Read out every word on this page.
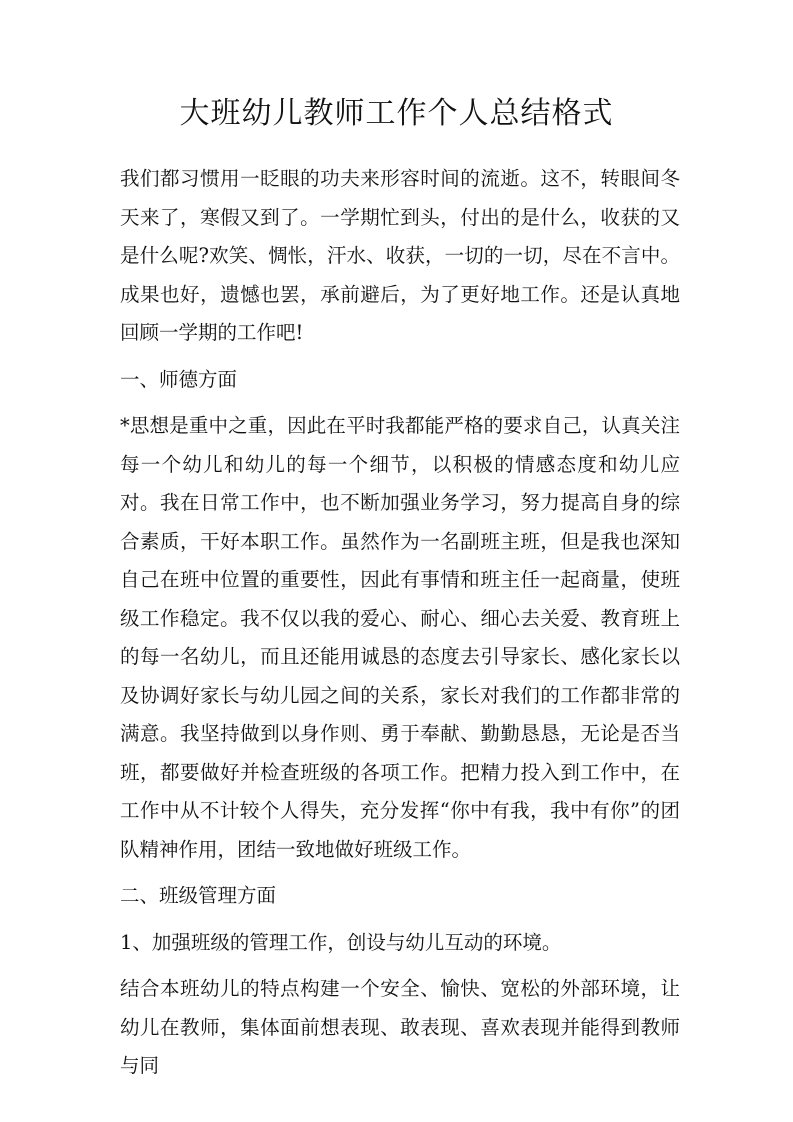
大班幼儿教师工作个人总结格式

我们都习惯用一眨眼的功夫来形容时间的流逝。这不，转眼间冬天来了，寒假又到了。一学期忙到头，付出的是什么，收获的又是什么呢?欢笑、惆怅，汗水、收获，一切的一切，尽在不言中。成果也好，遗憾也罢，承前避后，为了更好地工作。还是认真地回顾一学期的工作吧!

一、师德方面

*思想是重中之重，因此在平时我都能严格的要求自己，认真关注每一个幼儿和幼儿的每一个细节，以积极的情感态度和幼儿应对。我在日常工作中，也不断加强业务学习，努力提高自身的综合素质，干好本职工作。虽然作为一名副班主班，但是我也深知自己在班中位置的重要性，因此有事情和班主任一起商量，使班级工作稳定。我不仅以我的爱心、耐心、细心去关爱、教育班上的每一名幼儿，而且还能用诚恳的态度去引导家长、感化家长以及协调好家长与幼儿园之间的关系，家长对我们的工作都非常的满意。我坚持做到以身作则、勇于奉献、勤勤恳恳，无论是否当班，都要做好并检查班级的各项工作。把精力投入到工作中，在工作中从不计较个人得失，充分发挥“你中有我，我中有你”的团队精神作用，团结一致地做好班级工作。

二、班级管理方面

1、加强班级的管理工作，创设与幼儿互动的环境。

结合本班幼儿的特点构建一个安全、愉快、宽松的外部环境，让幼儿在教师，集体面前想表现、敢表现、喜欢表现并能得到教师与同
